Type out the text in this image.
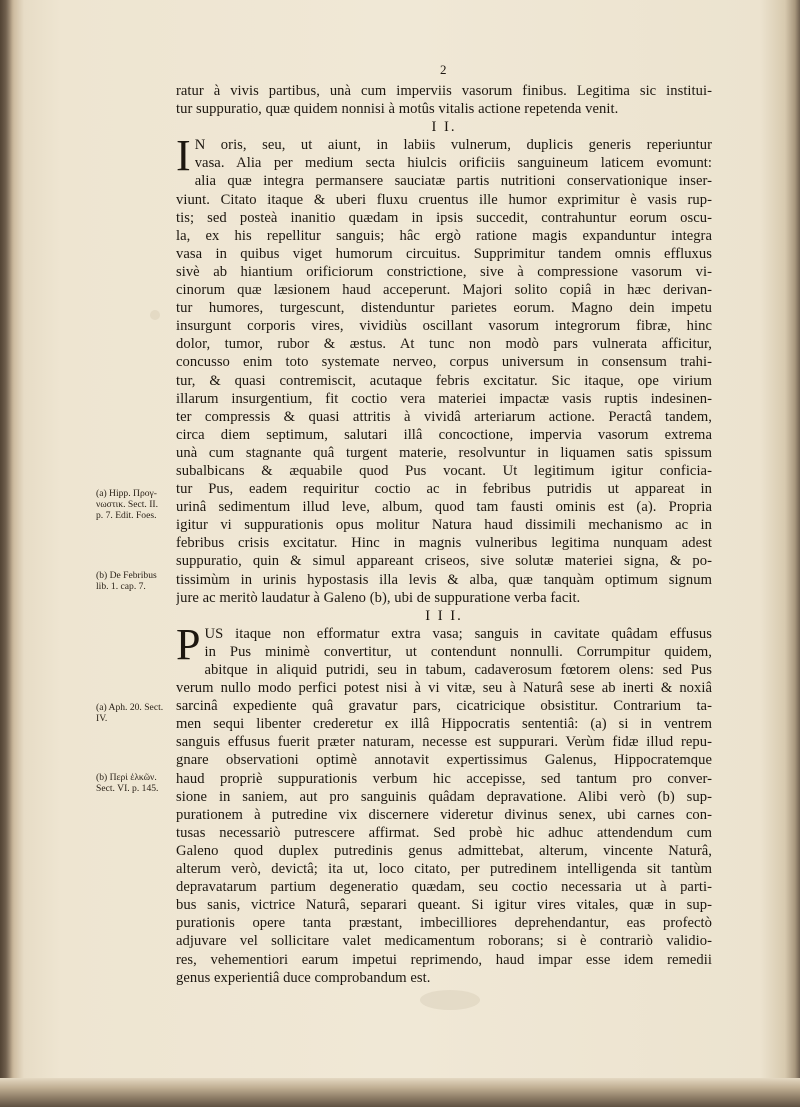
2
ratur à vivis partibus, unà cum imperviis vasorum finibus. Legitima sic institui-
tur suppuratio, quæ quidem nonnisi à motûs vitalis actione repetenda venit.
I I.
I N oris, seu, ut aiunt, in labiis vulnerum, duplicis generis reperiuntur
vasa. Alia per medium secta hiulcis orificiis sanguineum laticem evomunt:
alia quæ integra permansere sauciatæ partis nutritioni conservationique inser-
viunt. Citato itaque & uberi fluxu cruentus ille humor exprimitur è vasis rup-
tis; sed posteà inanitio quædam in ipsis succedit, contrahuntur eorum oscu-
la, ex his repellitur sanguis; hâc ergò ratione magis expanduntur integra
vasa in quibus viget humorum circuitus. Supprimitur tandem omnis effluxus
sivè ab hiantium orificiorum constrictione, sive à compressione vasorum vi-
cinorum quæ læsionem haud acceperunt. Majori solito copiâ in hæc derivan-
tur humores, turgescunt, distenduntur parietes eorum. Magno dein impetu
insurgunt corporis vires, vividiùs oscillant vasorum integrorum fibræ, hinc
dolor, tumor, rubor & æstus. At tunc non modò pars vulnerata afficitur,
concusso enim toto systemate nerveo, corpus universum in consensum trahi-
tur, & quasi contremiscit, acutaque febris excitatur. Sic itaque, ope virium
illarum insurgentium, fit coctio vera materiei impactæ vasis ruptis indesinen-
ter compressis & quasi attritis à vividâ arteriarum actione. Peractâ tandem,
circa diem septimum, salutari illâ concoctione, impervia vasorum extrema
unà cum stagnante quâ turgent materie, resolvuntur in liquamen satis spissum
subalbicans & æquabile quod Pus vocant. Ut legitimum igitur conficia-
tur Pus, eadem requiritur coctio ac in febribus putridis ut appareat in
urinâ sedimentum illud leve, album, quod tam fausti ominis est (a). Propria
igitur vi suppurationis opus molitur Natura haud dissimili mechanismo ac in
febribus crisis excitatur. Hinc in magnis vulneribus legitima nunquam adest
suppuratio, quin & simul appareant criseos, sive solutæ materiei signa, & po-
tissimùm in urinis hypostasis illa levis & alba, quæ tanquàm optimum signum
jure ac meritò laudatur à Galeno (b), ubi de suppuratione verba facit.
I I I.
P US itaque non efformatur extra vasa; sanguis in cavitate quâdam effusus
in Pus minimè convertitur, ut contendunt nonnulli. Corrumpitur quidem,
abitque in aliquid putridi, seu in tabum, cadaverosum fœtorem olens: sed Pus
verum nullo modo perfici potest nisi à vi vitæ, seu à Naturâ sese ab inerti & noxiâ
sarcinâ expediente quâ gravatur pars, cicatricique obsistitur. Contrarium ta-
men sequi libenter crederetur ex illâ Hippocratis sententiâ: (a) si in ventrem
sanguis effusus fuerit præter naturam, necesse est suppurari. Verùm fidæ illud repu-
gnare observationi optimè annotavit expertissimus Galenus, Hippocratemque
haud propriè suppurationis verbum hic accepisse, sed tantum pro conver-
sione in saniem, aut pro sanguinis quâdam depravatione. Alibi verò (b) sup-
purationem à putredine vix discernere videretur divinus senex, ubi carnes con-
tusas necessariò putrescere affirmat. Sed probè hic adhuc attendendum cum
Galeno quod duplex putredinis genus admittebat, alterum, vincente Naturâ,
alterum verò, devictâ; ita ut, loco citato, per putredinem intelligenda sit tantùm
depravatarum partium degeneratio quædam, seu coctio necessaria ut à parti-
bus sanis, victrice Naturâ, separari queant. Si igitur vires vitales, quæ in sup-
purationis opere tanta præstant, imbecilliores deprehendantur, eas profectò
adjuvare vel sollicitare valet medicamentum roborans; si è contrariò validio-
res, vehementiori earum impetui reprimendo, haud impar esse idem remedii
genus experientiâ duce comprobandum est.
(a) Hipp. Πρoγ-
νωστικ. Sect. II.
p. 7. Edit. Foes.
(b) De Febribus
lib. 1. cap. 7.
(a) Aph. 20. Sect.
IV.
(b) Περὶ ἑλκῶν.
Sect. VI. p. 145.
